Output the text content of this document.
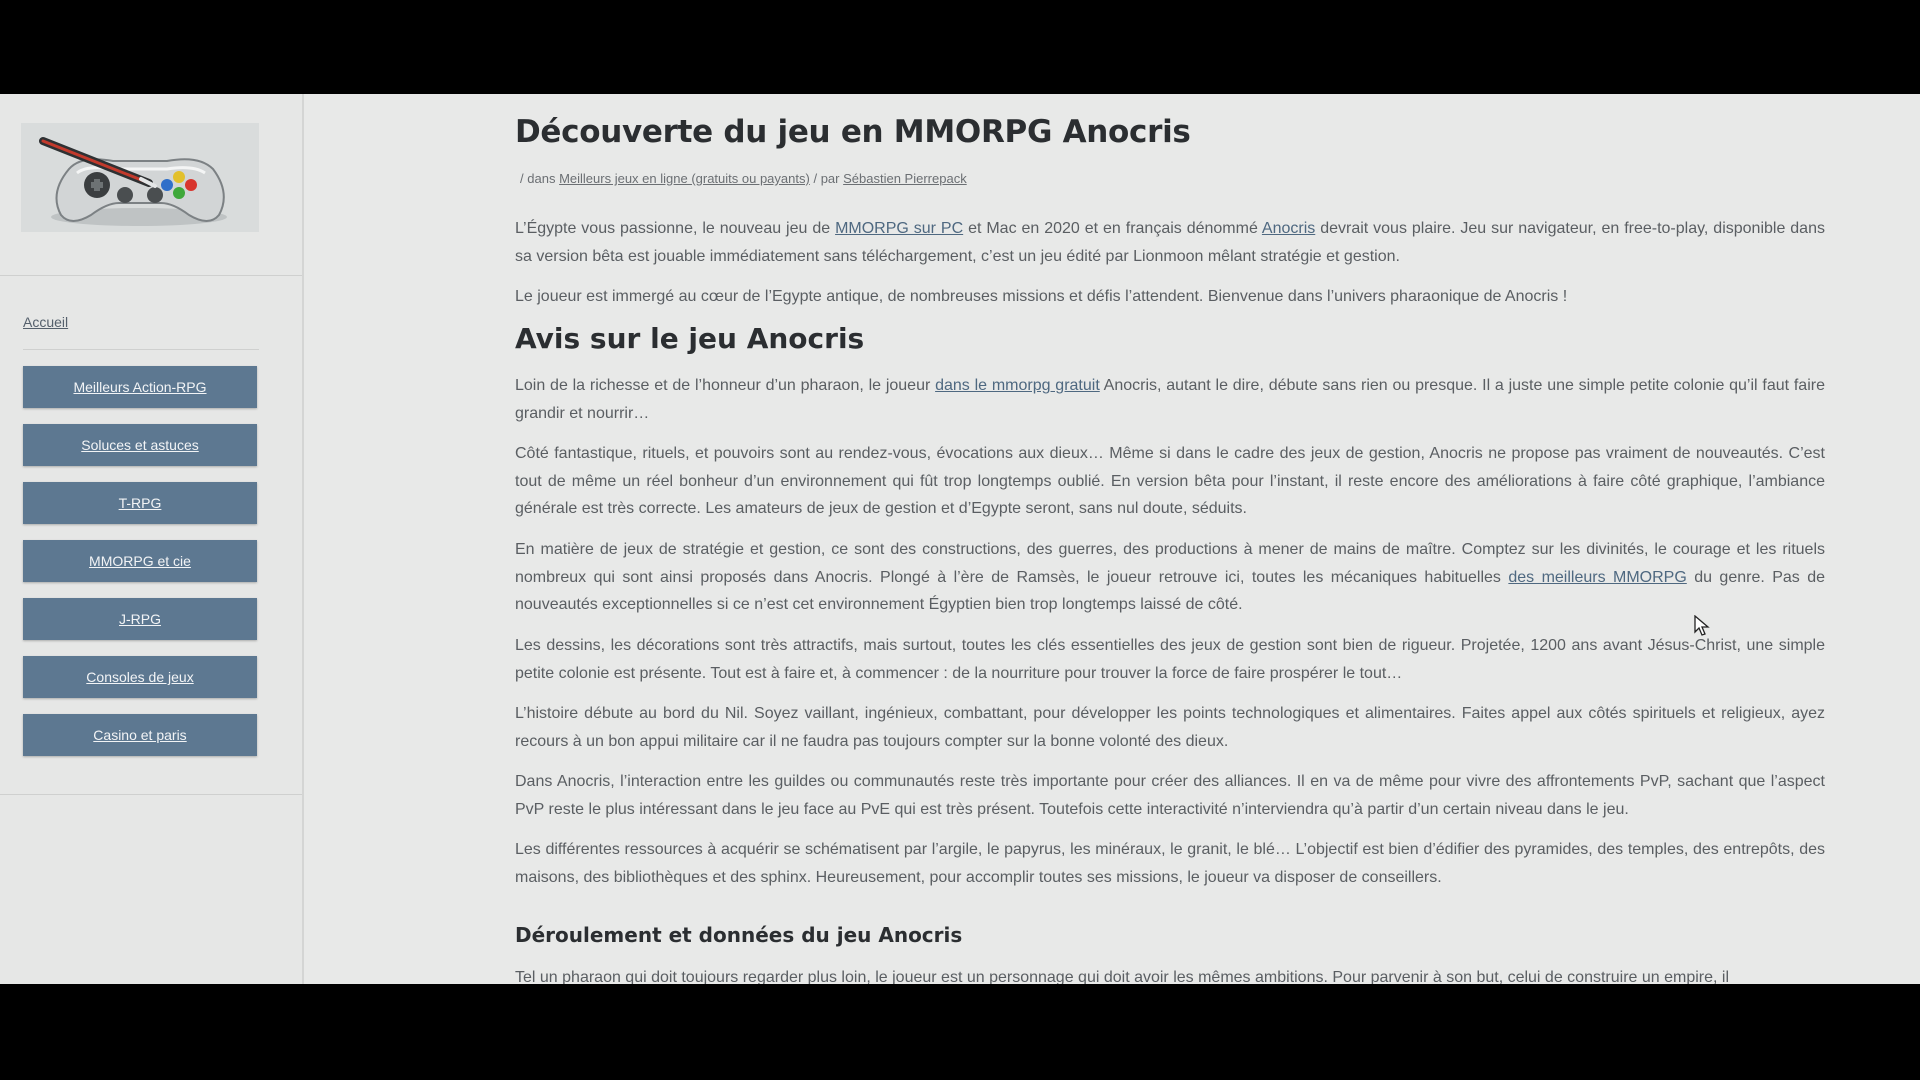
Accueil
Meilleurs Action-RPG
Soluces et astuces
T-RPG
MMORPG et cie
J-RPG
Consoles de jeux
Casino et paris
Découverte du jeu en MMORPG Anocris
/ dans Meilleurs jeux en ligne (gratuits ou payants) / par Sébastien Pierrepack

L’Égypte vous passionne, le nouveau jeu de MMORPG sur PC et Mac en 2020 et en français dénommé Anocris devrait vous plaire. Jeu sur navigateur, en free-to-play, disponible dans sa version bêta est jouable immédiatement sans téléchargement, c’est un jeu édité par Lionmoon mêlant stratégie et gestion.

Le joueur est immergé au cœur de l’Egypte antique, de nombreuses missions et défis l’attendent. Bienvenue dans l’univers pharaonique de Anocris !

Avis sur le jeu Anocris

Loin de la richesse et de l’honneur d’un pharaon, le joueur dans le mmorpg gratuit Anocris, autant le dire, débute sans rien ou presque. Il a juste une simple petite colonie qu’il faut faire grandir et nourrir…

Côté fantastique, rituels, et pouvoirs sont au rendez-vous, évocations aux dieux… Même si dans le cadre des jeux de gestion, Anocris ne propose pas vraiment de nouveautés. C’est tout de même un réel bonheur d’un environnement qui fût trop longtemps oublié. En version bêta pour l’instant, il reste encore des améliorations à faire côté graphique, l’ambiance générale est très correcte. Les amateurs de jeux de gestion et d’Egypte seront, sans nul doute, séduits.

En matière de jeux de stratégie et gestion, ce sont des constructions, des guerres, des productions à mener de mains de maître. Comptez sur les divinités, le courage et les rituels nombreux qui sont ainsi proposés dans Anocris. Plongé à l’ère de Ramsès, le joueur retrouve ici, toutes les mécaniques habituelles des meilleurs MMORPG du genre. Pas de nouveautés exceptionnelles si ce n’est cet environnement Égyptien bien trop longtemps laissé de côté.

Les dessins, les décorations sont très attractifs, mais surtout, toutes les clés essentielles des jeux de gestion sont bien de rigueur. Projetée, 1200 ans avant Jésus-Christ, une simple petite colonie est présente. Tout est à faire et, à commencer : de la nourriture pour trouver la force de faire prospérer le tout…

L’histoire débute au bord du Nil. Soyez vaillant, ingénieux, combattant, pour développer les points technologiques et alimentaires. Faites appel aux côtés spirituels et religieux, ayez recours à un bon appui militaire car il ne faudra pas toujours compter sur la bonne volonté des dieux.

Dans Anocris, l’interaction entre les guildes ou communautés reste très importante pour créer des alliances. Il en va de même pour vivre des affrontements PvP, sachant que l’aspect PvP reste le plus intéressant dans le jeu face au PvE qui est très présent. Toutefois cette interactivité n’interviendra qu’à partir d’un certain niveau dans le jeu.

Les différentes ressources à acquérir se schématisent par l’argile, le papyrus, les minéraux, le granit, le blé… L’objectif est bien d’édifier des pyramides, des temples, des entrepôts, des maisons, des bibliothèques et des sphinx. Heureusement, pour accomplir toutes ses missions, le joueur va disposer de conseillers.

Déroulement et données du jeu Anocris

Tel un pharaon qui doit toujours regarder plus loin, le joueur est un personnage qui doit avoir les mêmes ambitions. Pour parvenir à son but, celui de construire un empire, il
